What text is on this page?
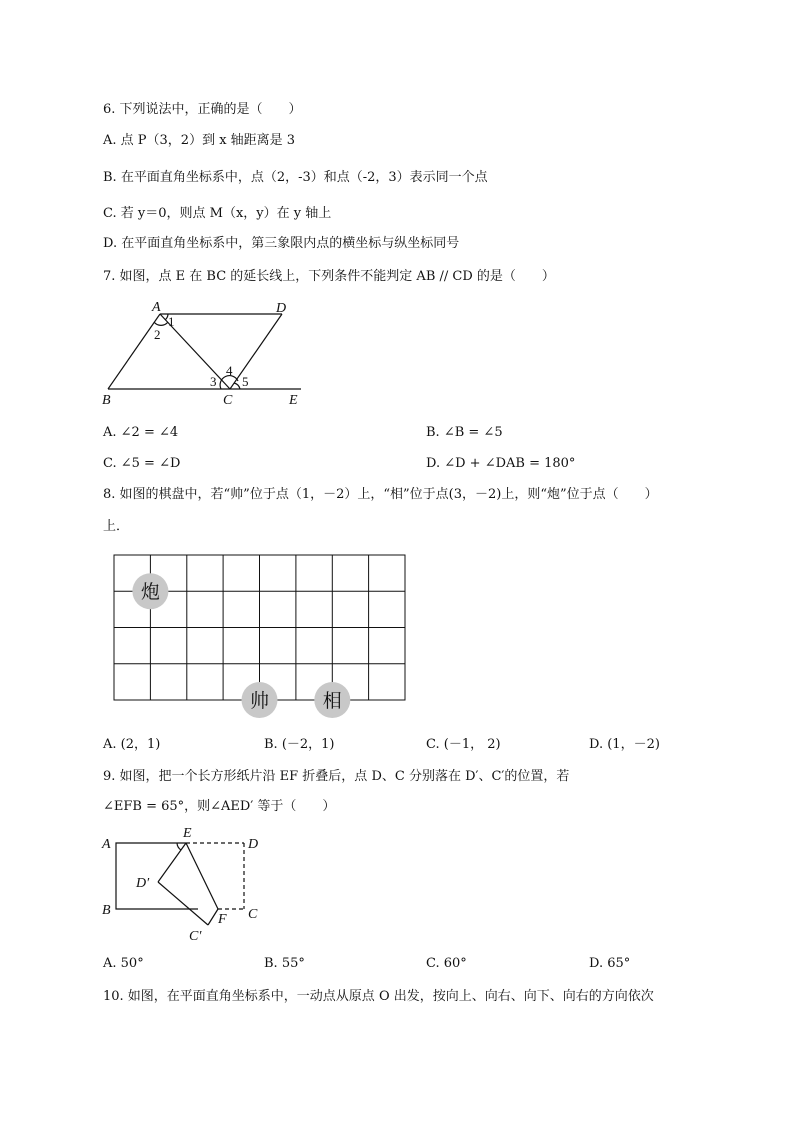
6. 下列说法中，正确的是（　　）
A. 点 P（3，2）到 x 轴距离是 3
B. 在平面直角坐标系中，点（2，-3）和点（-2，3）表示同一个点
C. 若 y＝0，则点 M（x，y）在 y 轴上
D. 在平面直角坐标系中，第三象限内点的横坐标与纵坐标同号
7. 如图，点 E 在 BC 的延长线上，下列条件不能判定 AB // CD 的是（　　）
A	D
B	C	E
1
2
3
4
5
A. ∠2 = ∠4	B. ∠B = ∠5
C. ∠5 = ∠D	D. ∠D + ∠DAB = 180°
8. 如图的棋盘中，若“帅”位于点（1，－2）上，“相”位于点(3，－2)上，则“炮”位于点（　　）
上．
炮
帅	相
A. (2，1)	B. (－2，1)	C. (－1， 2)	D. (1，－2)
9. 如图，把一个长方形纸片沿 EF 折叠后，点 D、C 分别落在 D′、C′的位置，若
∠EFB = 65°，则∠AED′ 等于（　　）
A
B
D
C
E
F
D′
C′
A. 50°	B. 55°	C. 60°	D. 65°
10. 如图，在平面直角坐标系中，一动点从原点 O 出发，按向上、向右、向下、向右的方向依次
